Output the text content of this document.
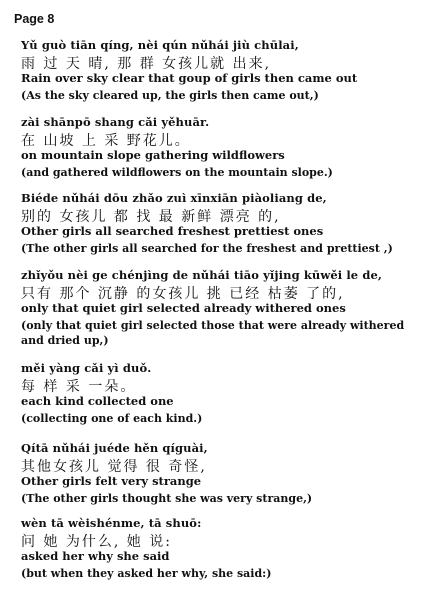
Page 8
Yǔ guò tiān qíng, nèi qún nǔhái jiù chūlai,
雨 过 天 晴, 那 群 女孩儿就 出来,
Rain over sky clear that goup of girls then came out
(As the sky cleared up, the girls then came out,)
zài shānpō shang cǎi yěhuār.
在 山坡 上 采 野花儿。
on mountain slope gathering wildflowers
(and gathered wildflowers on the mountain slope.)
Biéde nǔhái dōu zhǎo zuì xīnxiān piàoliang de,
别的 女孩儿 都 找 最 新鲜 漂亮 的,
Other girls all searched freshest prettiest ones
(The other girls all searched for the freshest and prettiest ,)
zhǐyǒu nèi ge chénjìng de nǔhái tiāo yǐjing kūwěi le de,
只有 那个 沉静 的女孩儿 挑 已经 枯萎 了的,
only that quiet girl selected already withered ones
(only that quiet girl selected those that were already withered and dried up,)
měi yàng cǎi yì duǒ.
每 样 采 一朵。
each kind collected one
(collecting one of each kind.)
Qítā nǔhái juéde hěn qíguài,
其他女孩儿 觉得 很 奇怪,
Other girls felt very strange
(The other girls thought she was very strange,)
wèn tā wèishénme, tā shuō:
问 她 为什么, 她 说:
asked her why she said
(but when they asked her why, she said:)
